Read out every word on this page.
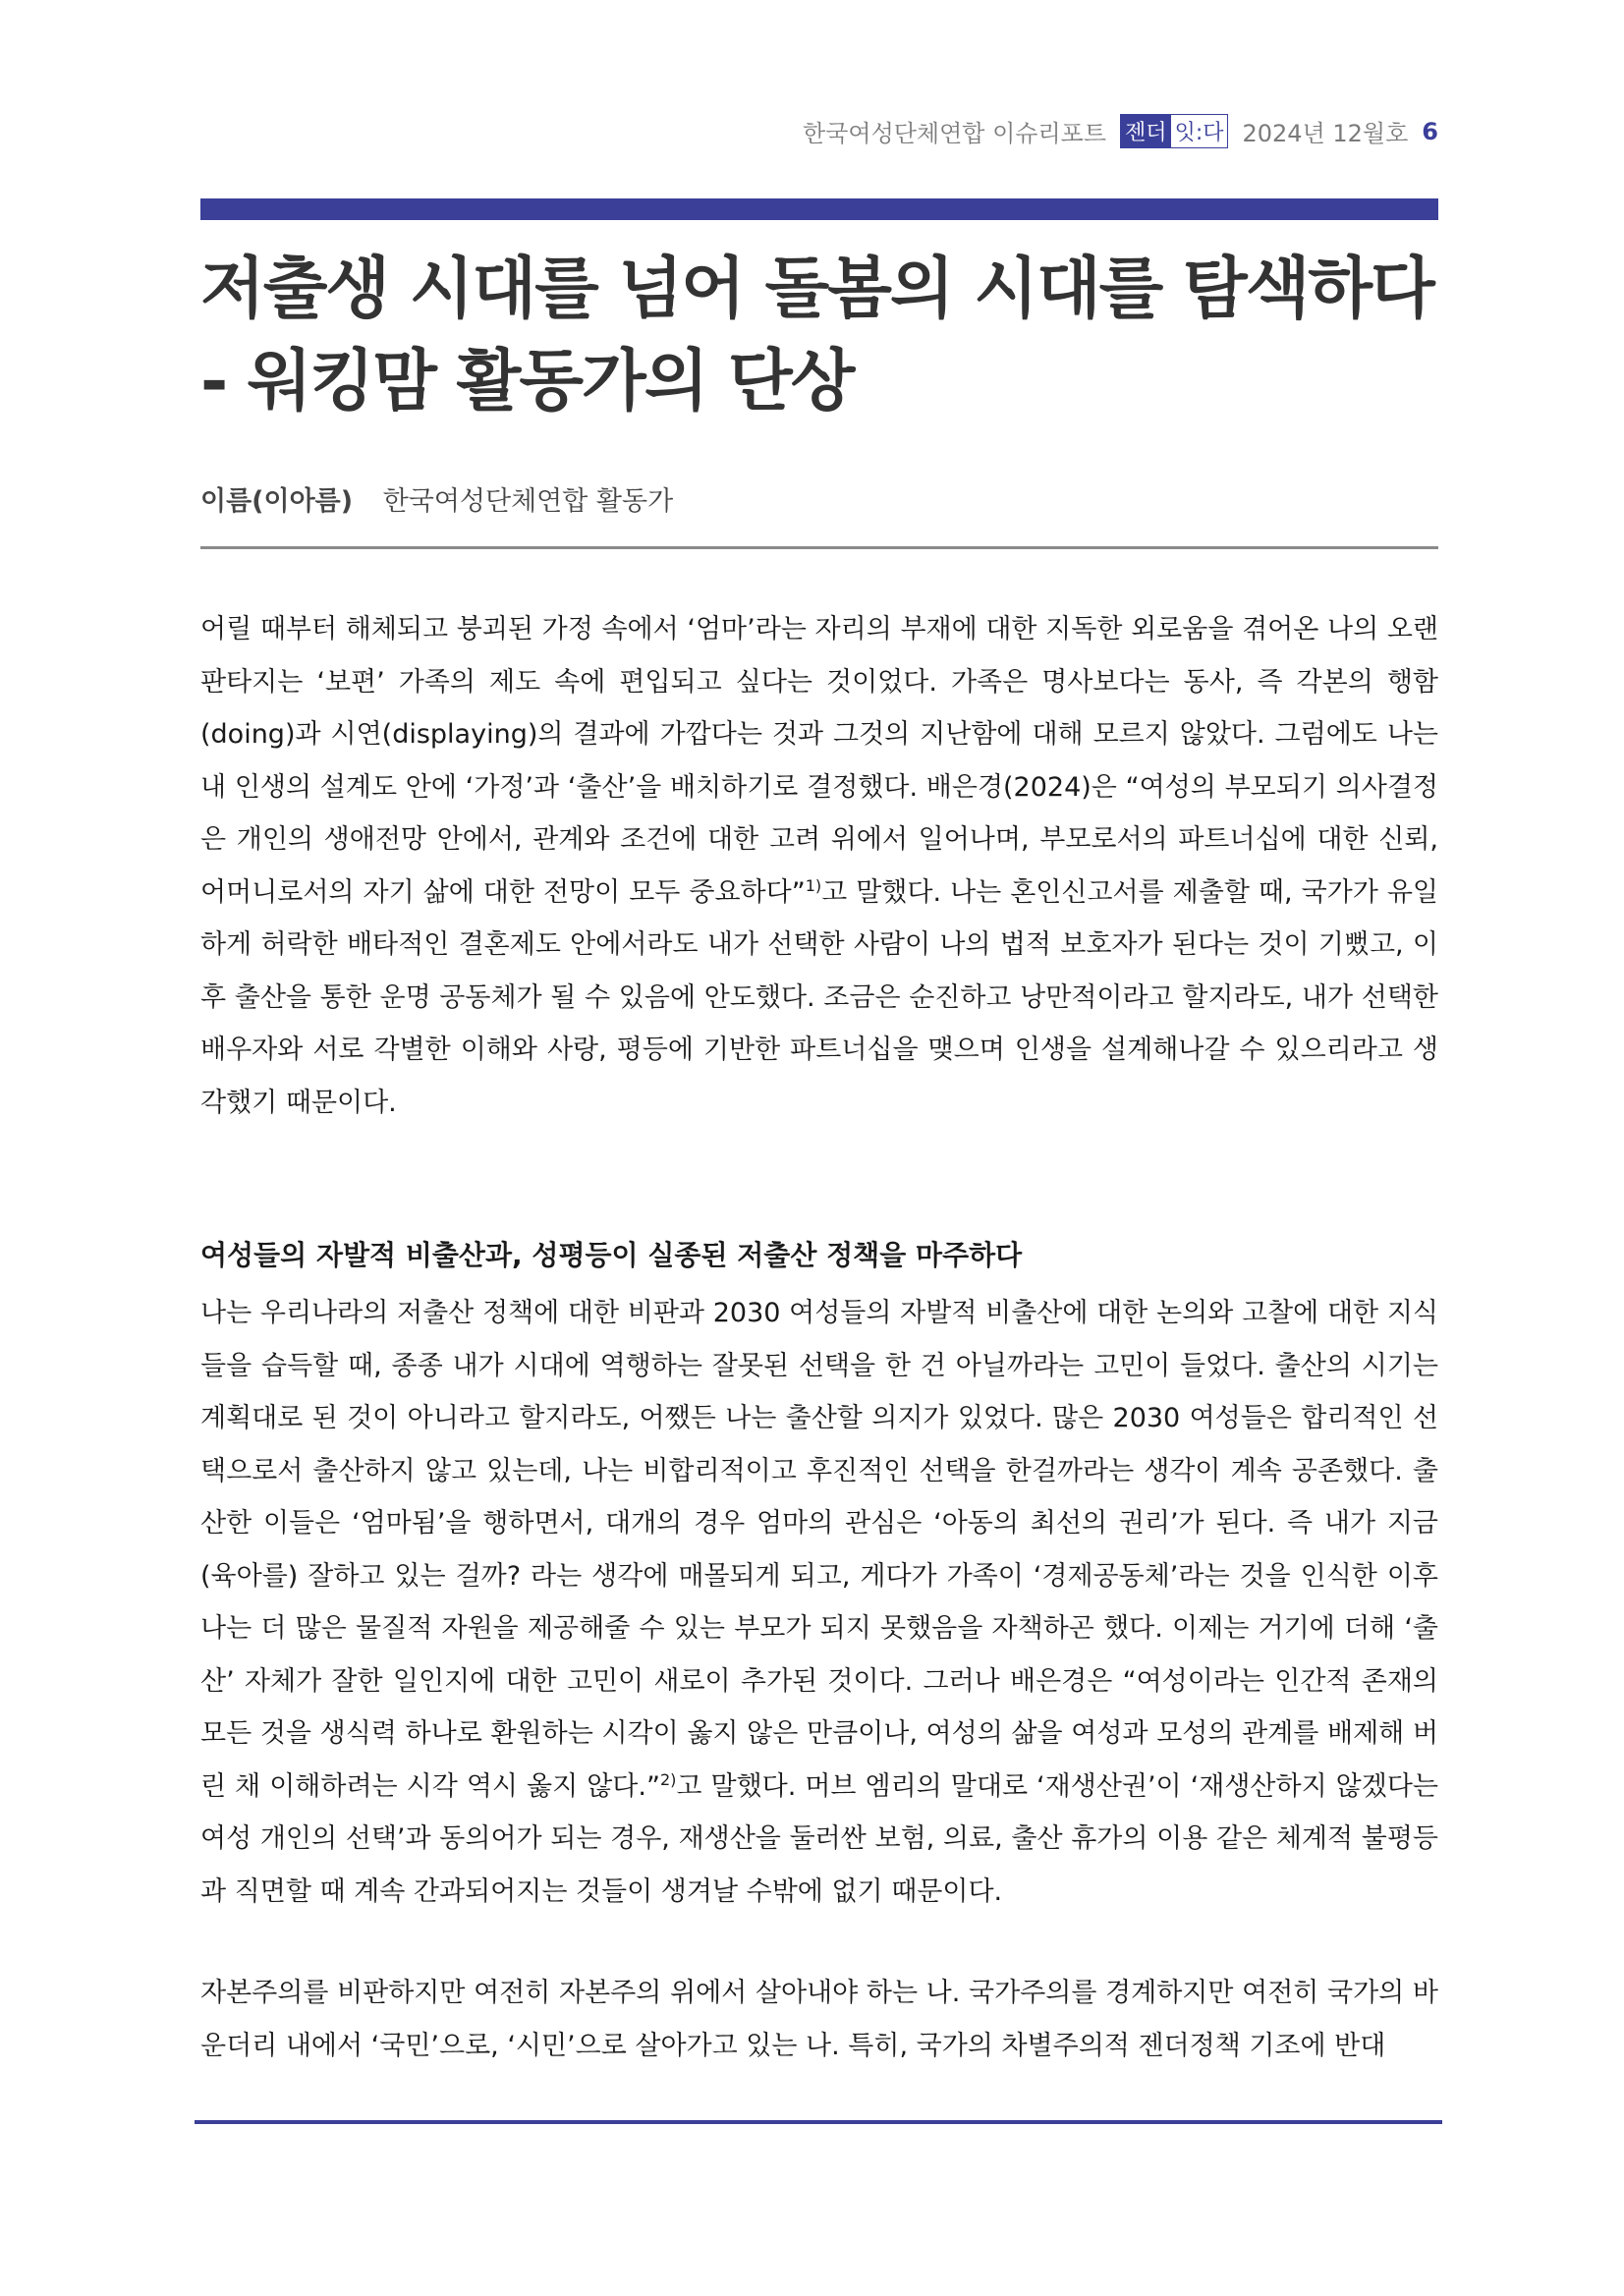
한국여성단체연합 이슈리포트 젠더 잇:다 2024년 12월호 6
저출생 시대를 넘어 돌봄의 시대를 탐색하다
- 워킹맘 활동가의 단상
이름(이아름) 한국여성단체연합 활동가

어릴 때부터 해체되고 붕괴된 가정 속에서 ‘엄마’라는 자리의 부재에 대한 지독한 외로움을 겪어온 나의 오랜 판타지는 ‘보편’ 가족의 제도 속에 편입되고 싶다는 것이었다. 가족은 명사보다는 동사, 즉 각본의 행함(doing)과 시연(displaying)의 결과에 가깝다는 것과 그것의 지난함에 대해 모르지 않았다. 그럼에도 나는 내 인생의 설계도 안에 ‘가정’과 ‘출산’을 배치하기로 결정했다. 배은경(2024)은 “여성의 부모되기 의사결정은 개인의 생애전망 안에서, 관계와 조건에 대한 고려 위에서 일어나며, 부모로서의 파트너십에 대한 신뢰, 어머니로서의 자기 삶에 대한 전망이 모두 중요하다”$^{1)}$고 말했다. 나는 혼인신고서를 제출할 때, 국가가 유일하게 허락한 배타적인 결혼제도 안에서라도 내가 선택한 사람이 나의 법적 보호자가 된다는 것이 기뻤고, 이후 출산을 통한 운명 공동체가 될 수 있음에 안도했다. 조금은 순진하고 낭만적이라고 할지라도, 내가 선택한 배우자와 서로 각별한 이해와 사랑, 평등에 기반한 파트너십을 맺으며 인생을 설계해나갈 수 있으리라고 생각했기 때문이다.

여성들의 자발적 비출산과, 성평등이 실종된 저출산 정책을 마주하다

나는 우리나라의 저출산 정책에 대한 비판과 2030 여성들의 자발적 비출산에 대한 논의와 고찰에 대한 지식들을 습득할 때, 종종 내가 시대에 역행하는 잘못된 선택을 한 건 아닐까라는 고민이 들었다. 출산의 시기는 계획대로 된 것이 아니라고 할지라도, 어쨌든 나는 출산할 의지가 있었다. 많은 2030 여성들은 합리적인 선택으로서 출산하지 않고 있는데, 나는 비합리적이고 후진적인 선택을 한걸까라는 생각이 계속 공존했다. 출산한 이들은 ‘엄마됨’을 행하면서, 대개의 경우 엄마의 관심은 ‘아동의 최선의 권리’가 된다. 즉 내가 지금 (육아를) 잘하고 있는 걸까? 라는 생각에 매몰되게 되고, 게다가 가족이 ‘경제공동체’라는 것을 인식한 이후 나는 더 많은 물질적 자원을 제공해줄 수 있는 부모가 되지 못했음을 자책하곤 했다. 이제는 거기에 더해 ‘출산’ 자체가 잘한 일인지에 대한 고민이 새로이 추가된 것이다. 그러나 배은경은 “여성이라는 인간적 존재의 모든 것을 생식력 하나로 환원하는 시각이 옳지 않은 만큼이나, 여성의 삶을 여성과 모성의 관계를 배제해 버린 채 이해하려는 시각 역시 옳지 않다.”$^{2)}$고 말했다. 머브 엠리의 말대로 ‘재생산권’이 ‘재생산하지 않겠다는 여성 개인의 선택’과 동의어가 되는 경우, 재생산을 둘러싼 보험, 의료, 출산 휴가의 이용 같은 체계적 불평등과 직면할 때 계속 간과되어지는 것들이 생겨날 수밖에 없기 때문이다.

자본주의를 비판하지만 여전히 자본주의 위에서 살아내야 하는 나. 국가주의를 경계하지만 여전히 국가의 바운더리 내에서 ‘국민’으로, ‘시민’으로 살아가고 있는 나. 특히, 국가의 차별주의적 젠더정책 기조에 반대
